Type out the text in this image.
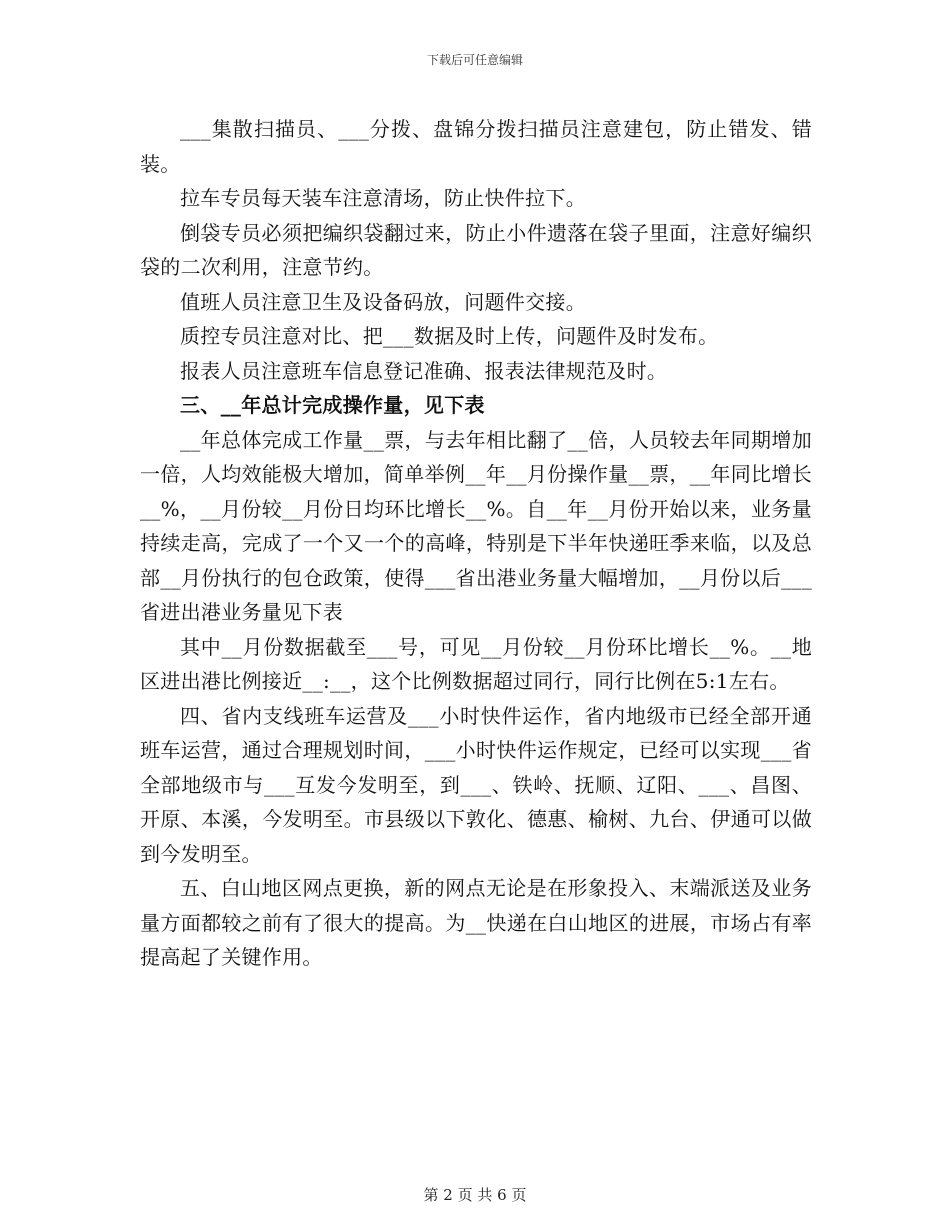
下载后可任意编辑

___集散扫描员、___分拨、盘锦分拨扫描员注意建包，防止错发、错装。

拉车专员每天装车注意清场，防止快件拉下。

倒袋专员必须把编织袋翻过来，防止小件遗落在袋子里面，注意好编织袋的二次利用，注意节约。

值班人员注意卫生及设备码放，问题件交接。

质控专员注意对比、把___数据及时上传，问题件及时发布。

报表人员注意班车信息登记准确、报表法律规范及时。

三、__年总计完成操作量，见下表

__年总体完成工作量__票，与去年相比翻了__倍，人员较去年同期增加一倍，人均效能极大增加，简单举例__年__月份操作量__票，__年同比增长__%，__月份较__月份日均环比增长__%。自__年__月份开始以来，业务量持续走高，完成了一个又一个的高峰，特别是下半年快递旺季来临，以及总部__月份执行的包仓政策，使得___省出港业务量大幅增加，__月份以后___省进出港业务量见下表

其中__月份数据截至___号，可见__月份较__月份环比增长__%。__地区进出港比例接近__:__，这个比例数据超过同行，同行比例在5:1左右。

四、省内支线班车运营及___小时快件运作，省内地级市已经全部开通班车运营，通过合理规划时间，___小时快件运作规定，已经可以实现___省全部地级市与___互发今发明至，到___、铁岭、抚顺、辽阳、___、昌图、开原、本溪，今发明至。市县级以下敦化、德惠、榆树、九台、伊通可以做到今发明至。

五、白山地区网点更换，新的网点无论是在形象投入、末端派送及业务量方面都较之前有了很大的提高。为__快递在白山地区的进展，市场占有率提高起了关键作用。

第 2 页 共 6 页
